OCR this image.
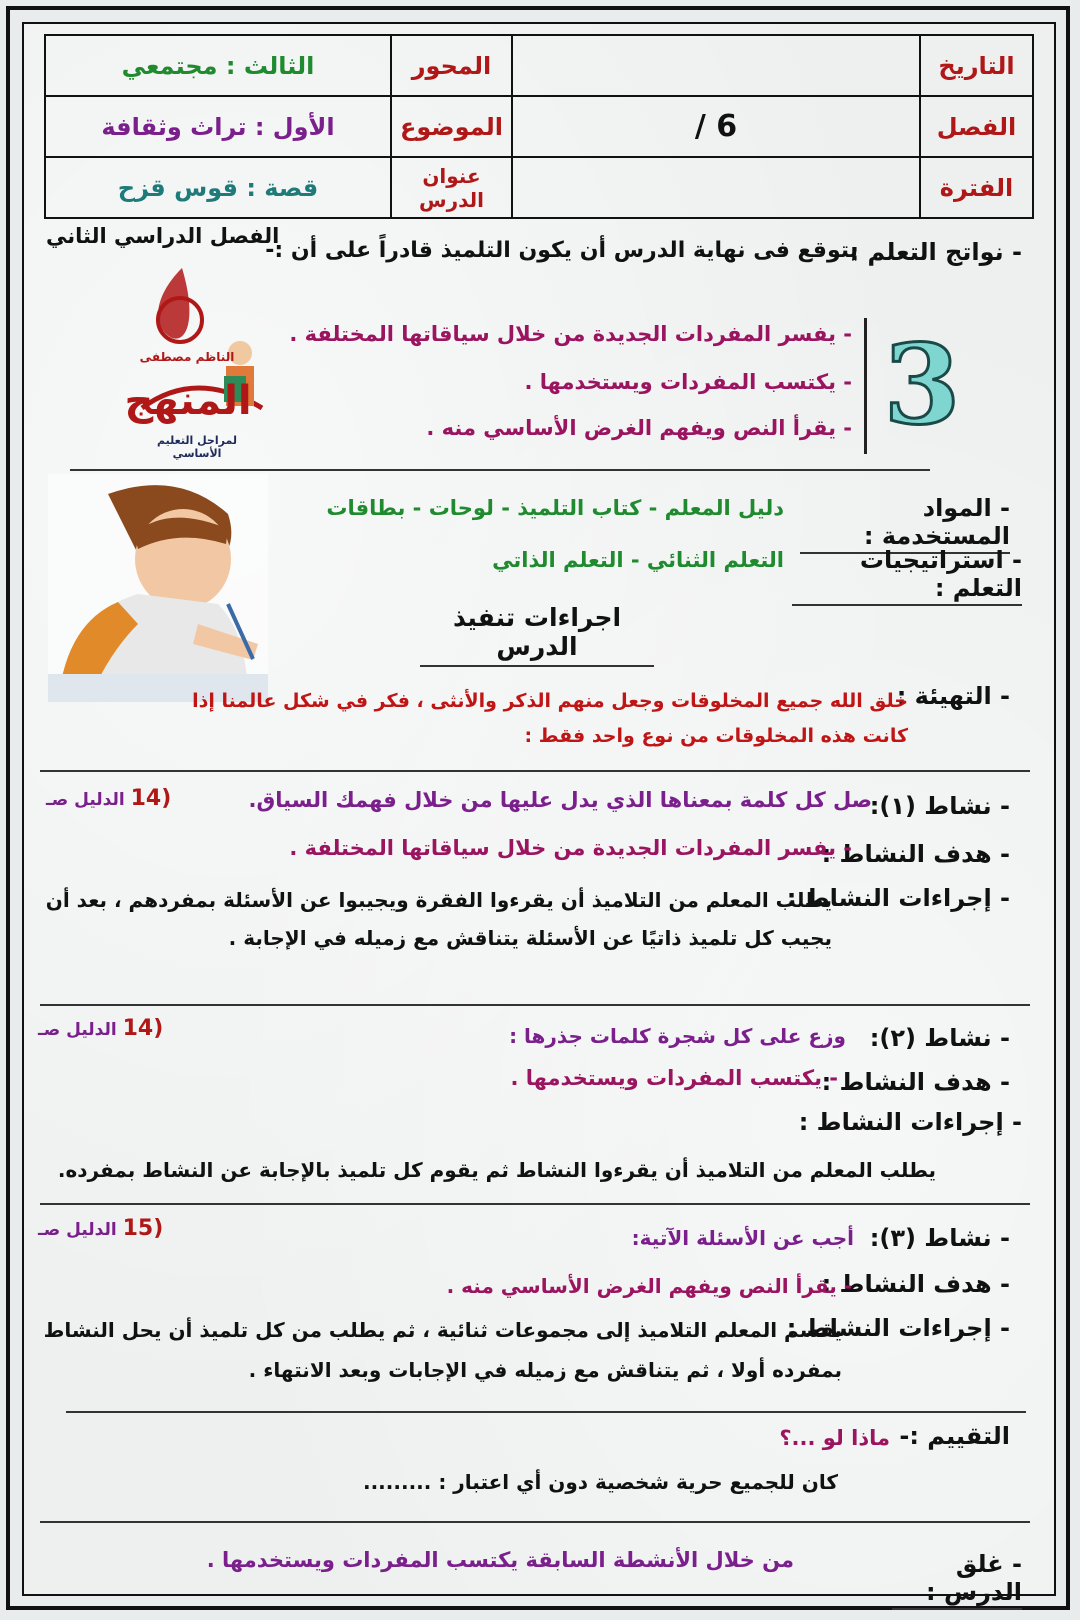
التاريخ		المحور	الثالث : مجتمعي
الفصل	6 /	الموضوع	الأول : تراث وثقافة
الفترة		عنوان الدرس	قصة : قوس قزح
الفصل الدراسي الثاني
الناظم مصطفى
المنهج
لمراحل التعليم الأساسي
- نواتج التعلم :
يتوقع فى نهاية الدرس أن يكون التلميذ قادراً على أن :-
3
- يفسر المفردات الجديدة من خلال سياقاتها المختلفة .
- يكتسب المفردات ويستخدمها .
- يقرأ النص ويفهم الغرض الأساسي منه .
- المواد المستخدمة :
دليل المعلم - كتاب التلميذ - لوحات - بطاقات
- استراتيجيات التعلم :
التعلم الثنائي - التعلم الذاتي
اجراءات تنفيذ الدرس
- التهيئة :
خلق الله جميع المخلوقات وجعل منهم الذكر والأنثى ، فكر في شكل عالمنا إذا
كانت هذه المخلوقات من نوع واحد فقط :
- نشاط (١):
صل كل كلمة بمعناها الذي يدل عليها من خلال فهمك السياق.
(14 الدليل صـ
- هدف النشاط :
- يفسر المفردات الجديدة من خلال سياقاتها المختلفة .
- إجراءات النشاط :
يطلب المعلم من التلاميذ أن يقرءوا الفقرة ويجيبوا عن الأسئلة بمفردهم ، بعد أن
يجيب كل تلميذ ذاتيًا عن الأسئلة يتناقش مع زميله في الإجابة .
- نشاط (٢):
وزع على كل شجرة كلمات جذرها :
(14 الدليل صـ
- هدف النشاط :
- يكتسب المفردات ويستخدمها .
- إجراءات النشاط :
يطلب المعلم من التلاميذ أن يقرءوا النشاط ثم يقوم كل تلميذ بالإجابة عن النشاط بمفرده.
- نشاط (٣):
أجب عن الأسئلة الآتية:
(15 الدليل صـ
- هدف النشاط :
- يقرأ النص ويفهم الغرض الأساسي منه .
- إجراءات النشاط :
يقسم المعلم التلاميذ إلى مجموعات ثنائية ، ثم يطلب من كل تلميذ أن يحل النشاط
بمفرده أولا ، ثم يتناقش مع زميله في الإجابات وبعد الانتهاء .
التقييم :-
ماذا لو ...؟
كان للجميع حرية شخصية دون أي اعتبار : .........
- غلق الدرس :
من خلال الأنشطة السابقة يكتسب المفردات ويستخدمها .
